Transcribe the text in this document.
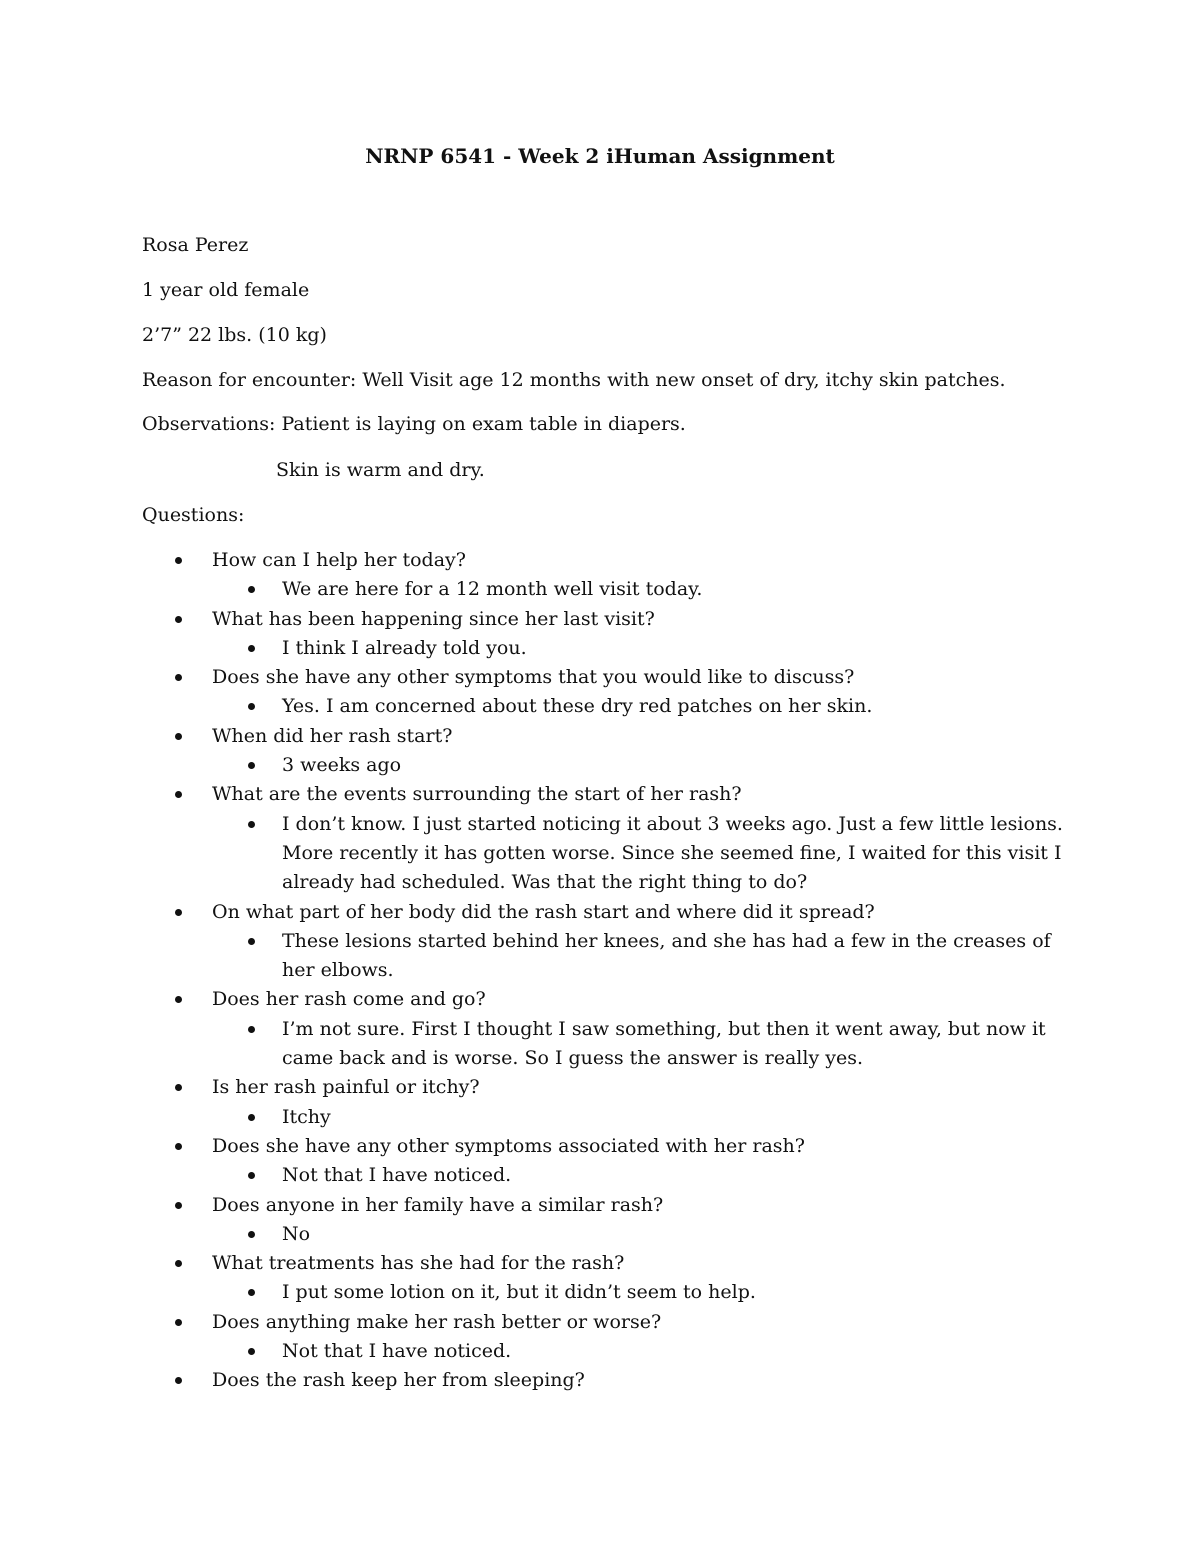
NRNP 6541 - Week 2 iHuman Assignment
Rosa Perez
1 year old female
2’7” 22 lbs. (10 kg)
Reason for encounter: Well Visit age 12 months with new onset of dry, itchy skin patches.
Observations: Patient is laying on exam table in diapers.
Skin is warm and dry.
Questions:
How can I help her today?
We are here for a 12 month well visit today.
What has been happening since her last visit?
I think I already told you.
Does she have any other symptoms that you would like to discuss?
Yes. I am concerned about these dry red patches on her skin.
When did her rash start?
3 weeks ago
What are the events surrounding the start of her rash?
I don’t know. I just started noticing it about 3 weeks ago. Just a few little lesions. More recently it has gotten worse. Since she seemed fine, I waited for this visit I already had scheduled. Was that the right thing to do?
On what part of her body did the rash start and where did it spread?
These lesions started behind her knees, and she has had a few in the creases of her elbows.
Does her rash come and go?
I’m not sure. First I thought I saw something, but then it went away, but now it came back and is worse. So I guess the answer is really yes.
Is her rash painful or itchy?
Itchy
Does she have any other symptoms associated with her rash?
Not that I have noticed.
Does anyone in her family have a similar rash?
No
What treatments has she had for the rash?
I put some lotion on it, but it didn’t seem to help.
Does anything make her rash better or worse?
Not that I have noticed.
Does the rash keep her from sleeping?
